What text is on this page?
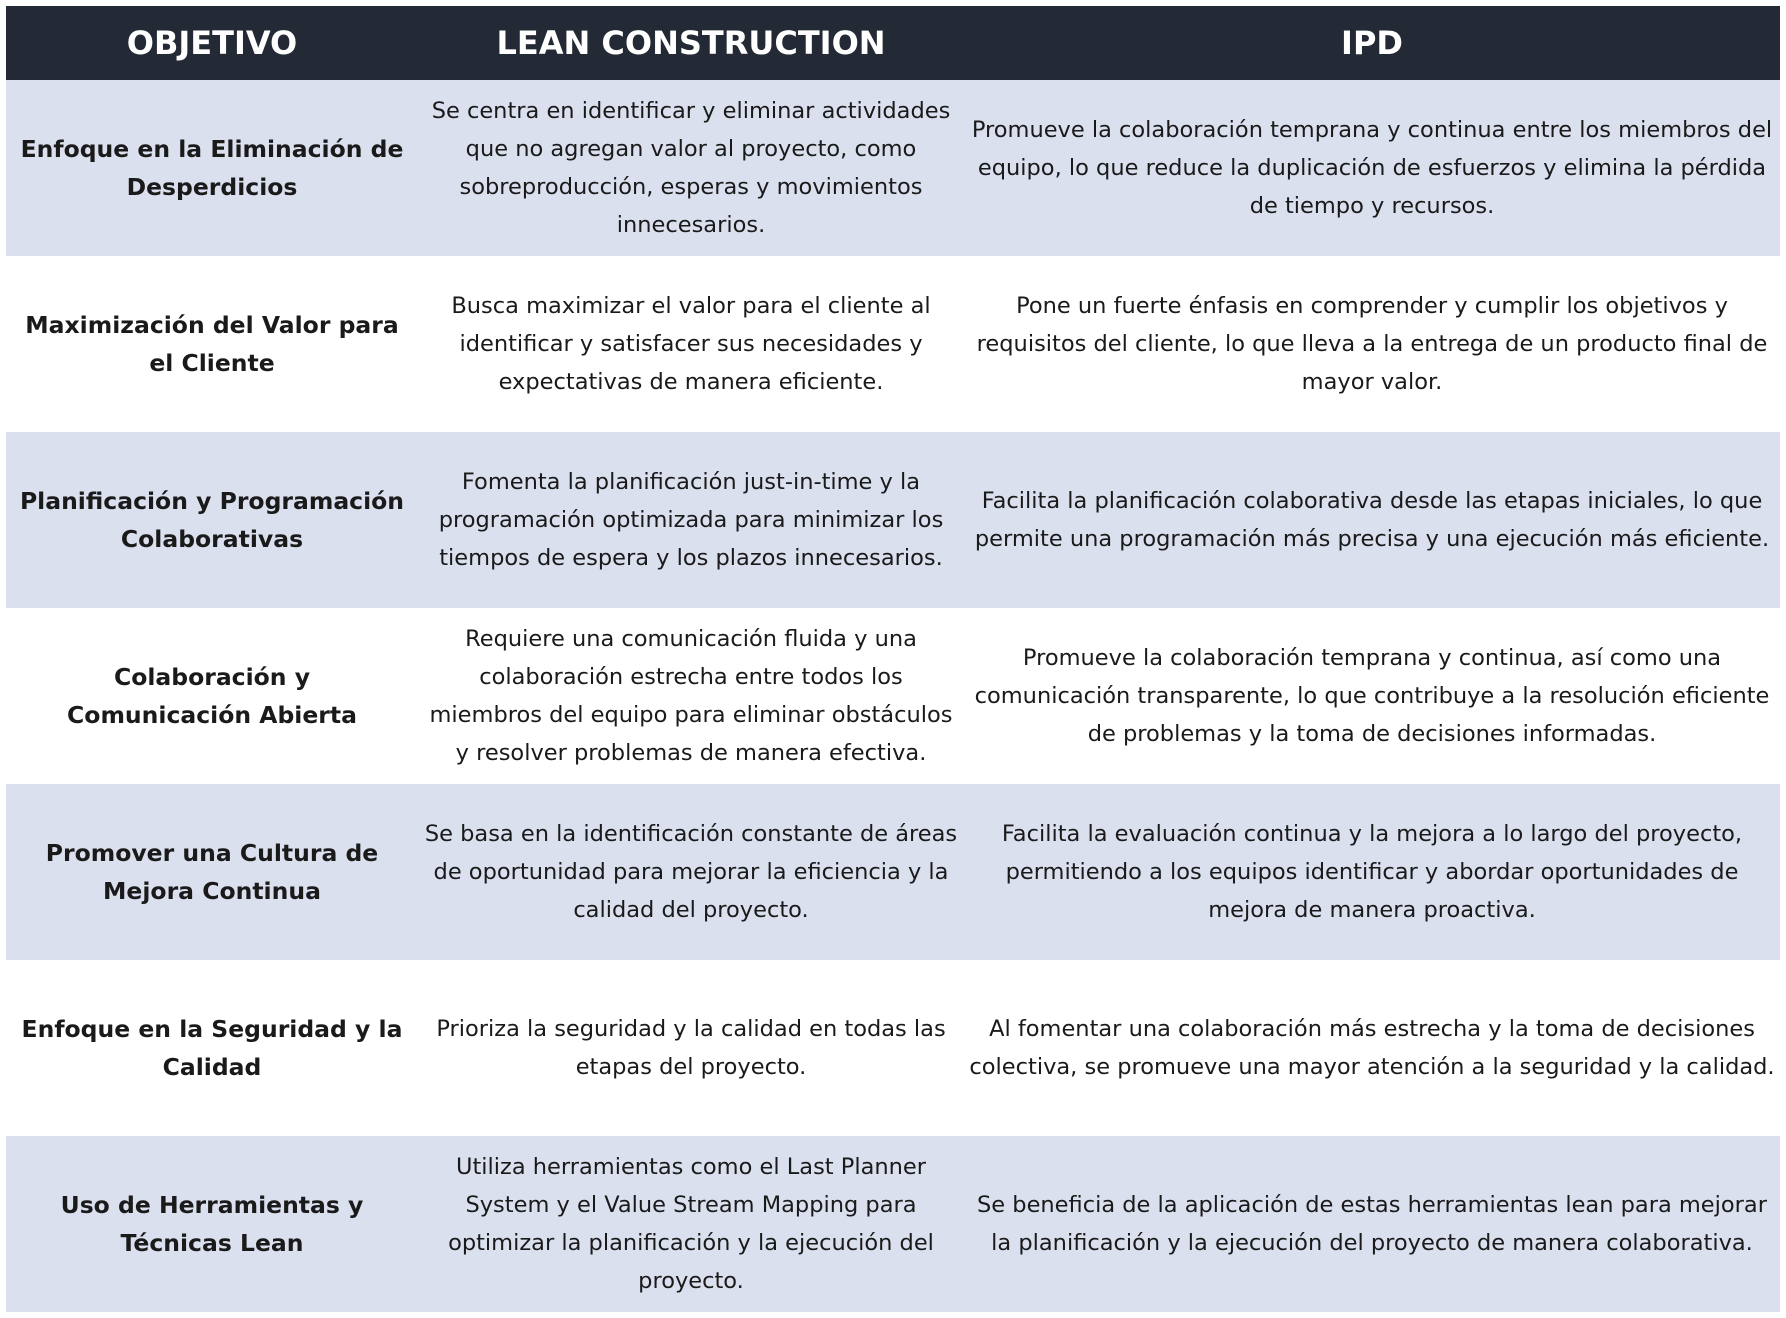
OBJETIVO	LEAN CONSTRUCTION	IPD
Enfoque en la Eliminación de Desperdicios
Se centra en identificar y eliminar actividades que no agregan valor al proyecto, como sobreproducción, esperas y movimientos innecesarios.
Promueve la colaboración temprana y continua entre los miembros del equipo, lo que reduce la duplicación de esfuerzos y elimina la pérdida de tiempo y recursos.
Maximización del Valor para el Cliente
Busca maximizar el valor para el cliente al identificar y satisfacer sus necesidades y expectativas de manera eficiente.
Pone un fuerte énfasis en comprender y cumplir los objetivos y requisitos del cliente, lo que lleva a la entrega de un producto final de mayor valor.
Planificación y Programación Colaborativas
Fomenta la planificación just-in-time y la programación optimizada para minimizar los tiempos de espera y los plazos innecesarios.
Facilita la planificación colaborativa desde las etapas iniciales, lo que permite una programación más precisa y una ejecución más eficiente.
Colaboración y Comunicación Abierta
Requiere una comunicación fluida y una colaboración estrecha entre todos los miembros del equipo para eliminar obstáculos y resolver problemas de manera efectiva.
Promueve la colaboración temprana y continua, así como una comunicación transparente, lo que contribuye a la resolución eficiente de problemas y la toma de decisiones informadas.
Promover una Cultura de Mejora Continua
Se basa en la identificación constante de áreas de oportunidad para mejorar la eficiencia y la calidad del proyecto.
Facilita la evaluación continua y la mejora a lo largo del proyecto, permitiendo a los equipos identificar y abordar oportunidades de mejora de manera proactiva.
Enfoque en la Seguridad y la Calidad
Prioriza la seguridad y la calidad en todas las etapas del proyecto.
Al fomentar una colaboración más estrecha y la toma de decisiones colectiva, se promueve una mayor atención a la seguridad y la calidad.
Uso de Herramientas y Técnicas Lean
Utiliza herramientas como el Last Planner System y el Value Stream Mapping para optimizar la planificación y la ejecución del proyecto.
Se beneficia de la aplicación de estas herramientas lean para mejorar la planificación y la ejecución del proyecto de manera colaborativa.
